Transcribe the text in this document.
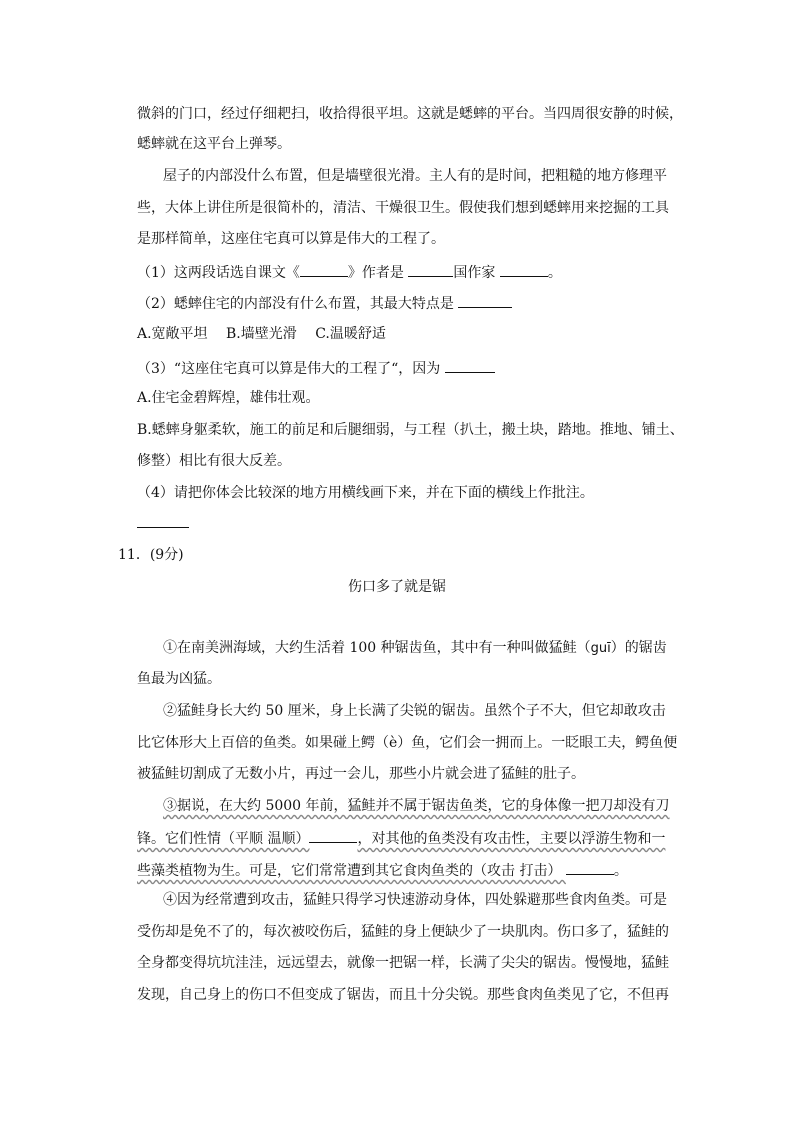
微斜的门口，经过仔细耙扫，收拾得很平坦。这就是蟋蟀的平台。当四周很安静的时候，
蟋蟀就在这平台上弹琴。
屋子的内部没什么布置，但是墙壁很光滑。主人有的是时间，把粗糙的地方修理平
些，大体上讲住所是很简朴的，清洁、干燥很卫生。假使我们想到蟋蟀用来挖掘的工具
是那样简单，这座住宅真可以算是伟大的工程了。
（1）这两段话选自课文《	》作者是	国作家	。
（2）蟋蟀住宅的内部没有什么布置，其最大特点是
A.宽敞平坦　 B.墙壁光滑　 C.温暖舒适
（3）“这座住宅真可以算是伟大的工程了“，因为
A.住宅金碧辉煌，雄伟壮观。
B.蟋蟀身躯柔软，施工的前足和后腿细弱，与工程（扒土，搬土块，踏地。推地、铺土、
修整）相比有很大反差。
（4）请把你体会比较深的地方用横线画下来，并在下面的横线上作批注。
11．(9分)
伤口多了就是锯
①在南美洲海域，大约生活着 100 种锯齿鱼，其中有一种叫做猛鲑（guī）的锯齿
鱼最为凶猛。
②猛鲑身长大约 50 厘米，身上长满了尖锐的锯齿。虽然个子不大，但它却敢攻击
比它体形大上百倍的鱼类。如果碰上鳄（è）鱼，它们会一拥而上。一眨眼工夫，鳄鱼便
被猛鲑切割成了无数小片，再过一会儿，那些小片就会进了猛鲑的肚子。
③据说，在大约 5000 年前，猛鲑并不属于锯齿鱼类，它的身体像一把刀却没有刀
锋。它们性情（平顺 温顺）	，对其他的鱼类没有攻击性，主要以浮游生物和一
些藻类植物为生。可是，它们常常遭到其它食肉鱼类的（攻击 打击）	。
④因为经常遭到攻击，猛鲑只得学习快速游动身体，四处躲避那些食肉鱼类。可是
受伤却是免不了的，每次被咬伤后，猛鲑的身上便缺少了一块肌肉。伤口多了，猛鲑的
全身都变得坑坑洼洼，远远望去，就像一把锯一样，长满了尖尖的锯齿。慢慢地，猛鲑
发现，自己身上的伤口不但变成了锯齿，而且十分尖锐。那些食肉鱼类见了它，不但再
